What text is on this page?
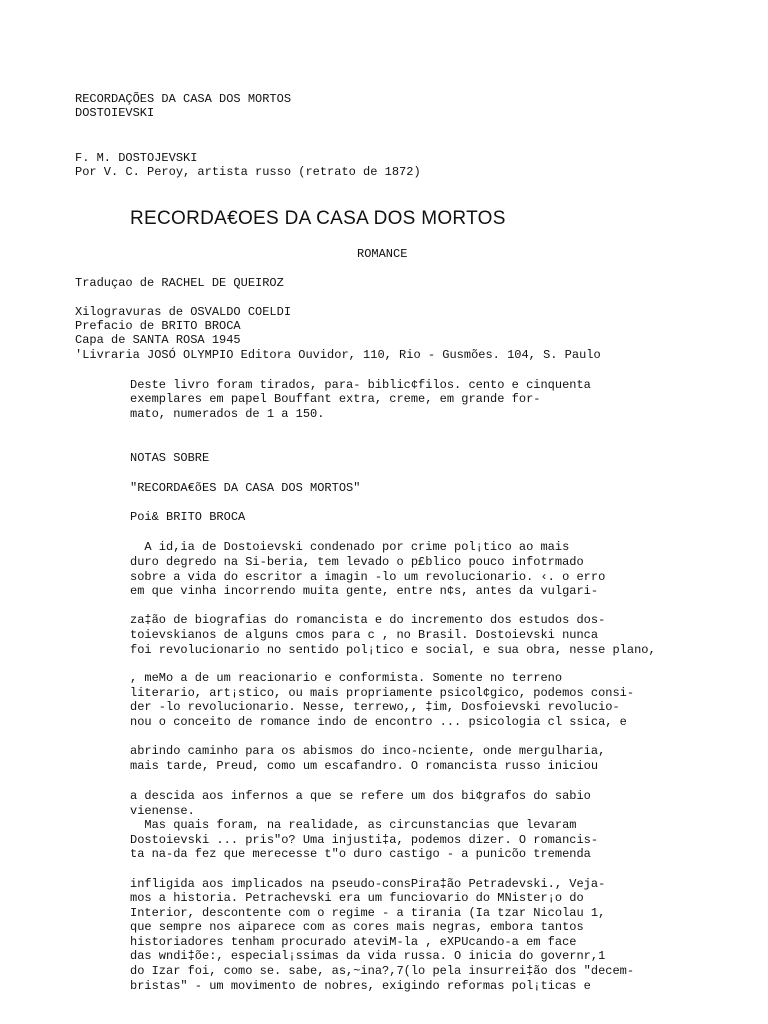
RECORDAÇÕES DA CASA DOS MORTOS
DOSTOIEVSKI
F. M. DOSTOJEVSKI
Por V. C. Peroy, artista russo (retrato de 1872)
RECORDA€OES DA CASA DOS MORTOS
ROMANCE
Traduçao de RACHEL DE QUEIROZ
Xilogravuras de OSVALDO COELDI
Prefacio de BRITO BROCA
Capa de SANTA ROSA 1945
'Livraria JOSÓ OLYMPIO Editora Ouvidor, 110, Rio - Gusmões. 104, S. Paulo
Deste livro foram tirados, para- biblic¢filos. cento e cinquenta
exemplares em papel Bouffant extra, creme, em grande for-
mato, numerados de 1 a 150.
NOTAS SOBRE
"RECORDA€õES DA CASA DOS MORTOS"
Poi& BRITO BROCA
A id,ia de Dostoievski condenado por crime pol¡tico ao mais
duro degredo na Si-beria, tem levado o p£blico pouco infotrmado
sobre a vida do escritor a imagin -lo um revolucionario. ‹. o erro
em que vinha incorrendo muita gente, entre n¢s, antes da vulgari-
za‡ão de biografias do romancista e do incremento dos estudos dos-
toievskianos de alguns cmos para c , no Brasil. Dostoievski nunca
foi revolucionario no sentido pol¡tico e social, e sua obra, nesse plano,
, meMo a de um reacionario e conformista. Somente no terreno
literario, art¡stico, ou mais propriamente psicol¢gico, podemos consi-
der -lo revolucionario. Nesse, terrewo,, ‡im, Dosfoievski revolucio-
nou o conceito de romance indo de encontro ... psicologia cl ssica, e
abrindo caminho para os abismos do inco-nciente, onde mergulharia,
mais tarde, Preud, como um escafandro. O romancista russo iniciou
a descida aos infernos a que se refere um dos bi¢grafos do sabio
vienense.
Mas quais foram, na realidade, as circunstancias que levaram
Dostoievski ... pris"o? Uma injusti‡a, podemos dizer. O romancis-
ta na-da fez que merecesse t"o duro castigo - a punicõo tremenda
infligida aos implicados na pseudo-consPira‡ão Petradevski., Veja-
mos a historia. Petrachevski era um funciovario do MNister¡o do
Interior, descontente com o regime - a tirania (Ia tzar Nicolau 1,
que sempre nos aiparece com as cores mais negras, embora tantos
historiadores tenham procurado ateviM-la , eXPUcando-a em face
das wndi‡õe:, especial¡ssimas da vida russa. O inicia do governr,1
do Izar foi, como se. sabe, as,~ina?,7(lo pela insurrei‡ão dos "decem-
bristas" - um movimento de nobres, exigindo reformas pol¡ticas e
